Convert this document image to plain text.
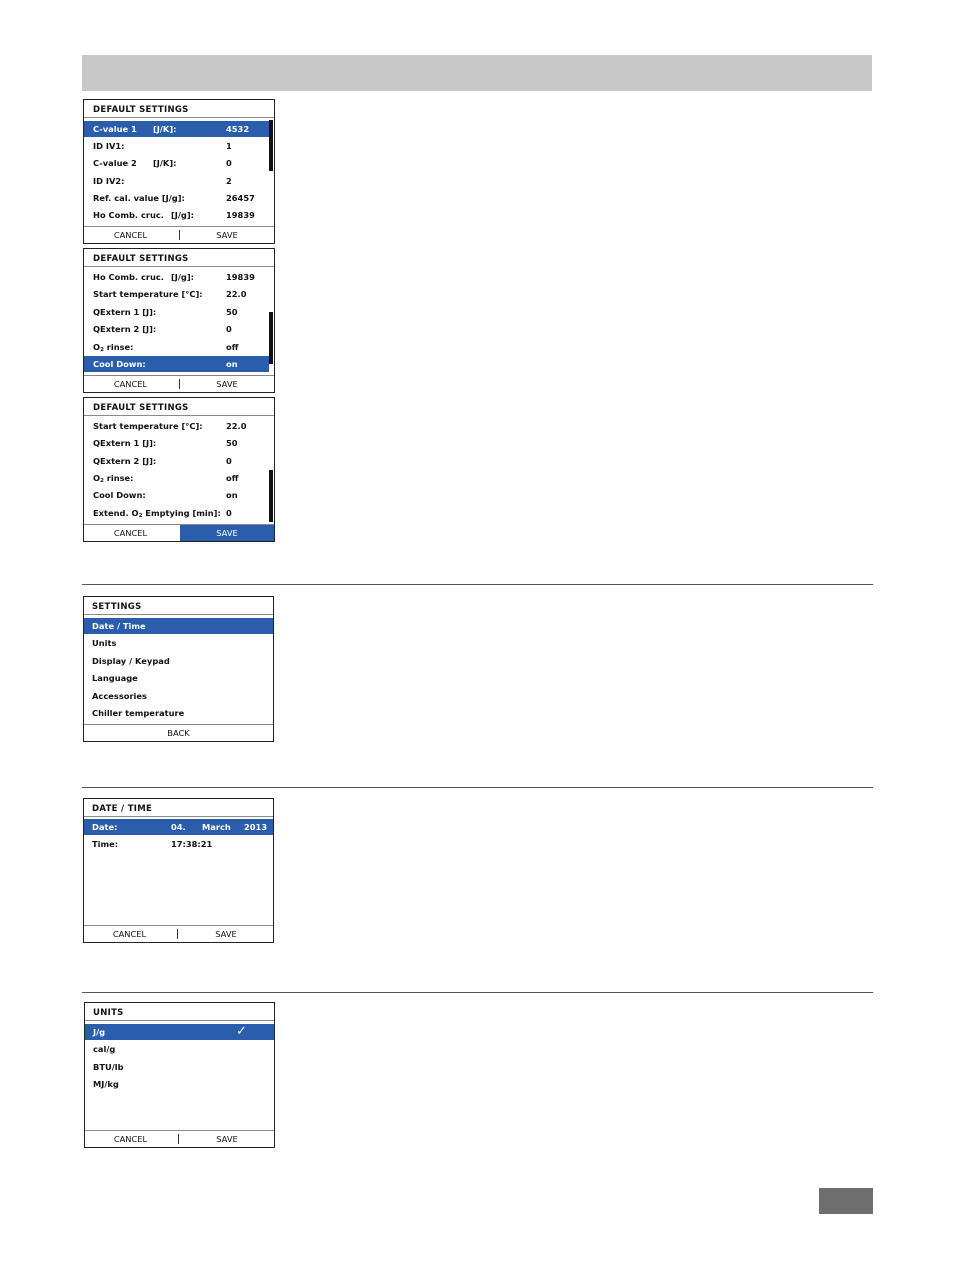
DEFAULT SETTINGS
C-value 1 [J/K]:	4532
ID IV1:	1
C-value 2 [J/K]:	0
ID IV2:	2
Ref. cal. value [J/g]:	26457
Ho Comb. cruc. [J/g]:	19839
CANCEL	SAVE
DEFAULT SETTINGS
Ho Comb. cruc. [J/g]:	19839
Start temperature [°C]:	22.0
QExtern 1 [J]:	50
QExtern 2 [J]:	0
$O_2$ rinse:	off
Cool Down:	on
CANCEL	SAVE
DEFAULT SETTINGS
Start temperature [°C]:	22.0
QExtern 1 [J]:	50
QExtern 2 [J]:	0
$O_2$ rinse:	off
Cool Down:	on
Extend. $O_2$ Emptying [min]: 0
CANCEL	SAVE
SETTINGS
Date / Time
Units
Display / Keypad
Language
Accessories
Chiller temperature
BACK
DATE / TIME
Date:	04. March 2013
Time:	17:38:21
CANCEL	SAVE
UNITS
J/g	✓
cal/g
BTU/lb
MJ/kg
CANCEL	SAVE
